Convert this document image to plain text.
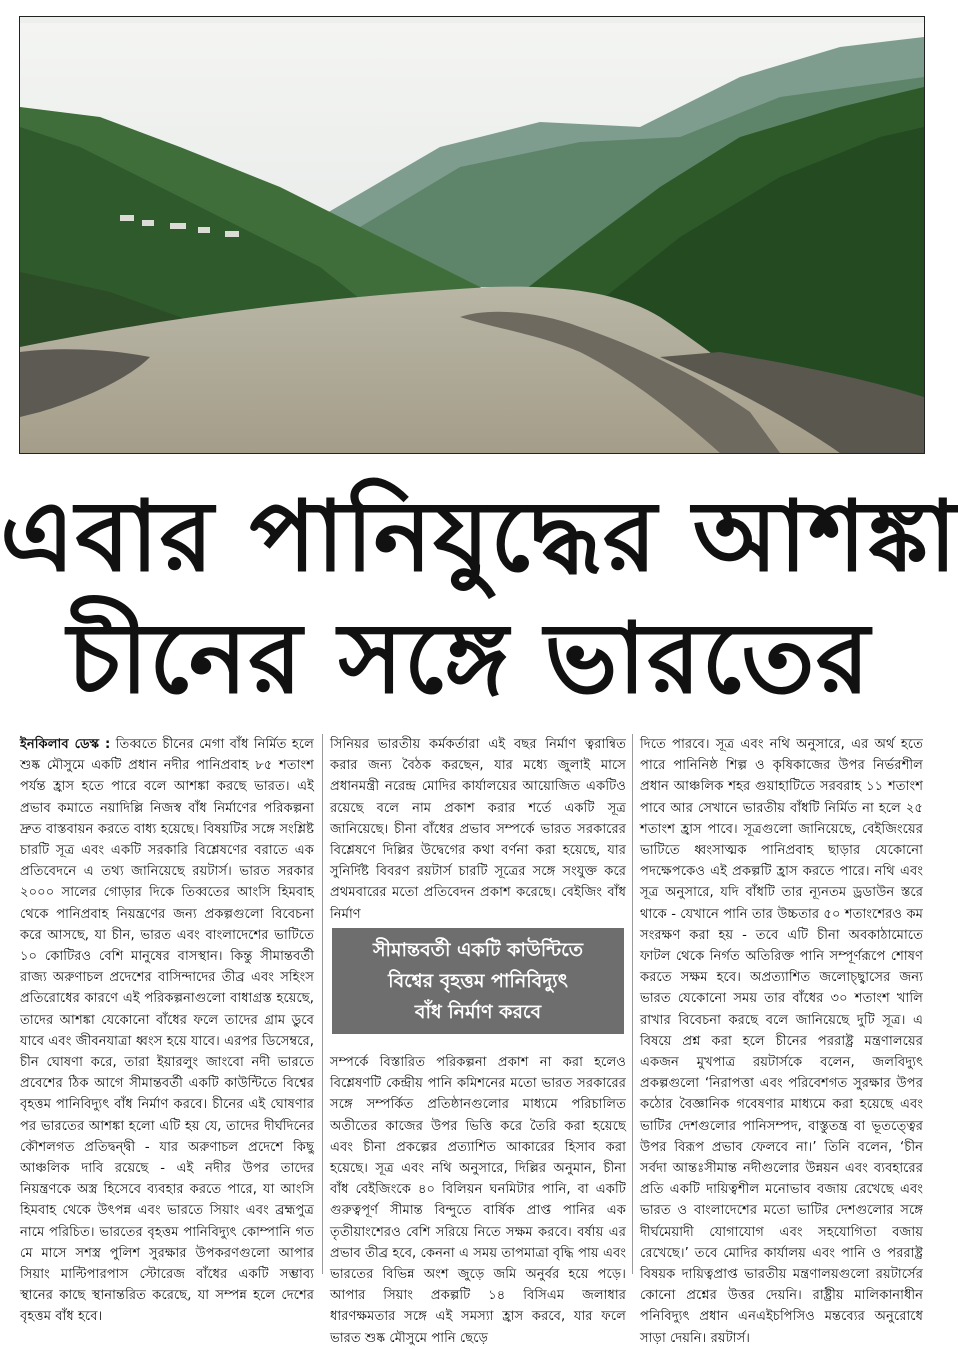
এবার পানিযুদ্ধের আশঙ্কা
চীনের সঙ্গে ভারতের

ইনকিলাব ডেস্ক : তিব্বতে চীনের মেগা বাঁধ নির্মিত হলে শুষ্ক মৌসুমে একটি প্রধান নদীর পানিপ্রবাহ ৮৫ শতাংশ পর্যন্ত হ্রাস হতে পারে বলে আশঙ্কা করছে ভারত। এই প্রভাব কমাতে নয়াদিল্লি নিজস্ব বাঁধ নির্মাণের পরিকল্পনা দ্রুত বাস্তবায়ন করতে বাধ্য হয়েছে। বিষয়টির সঙ্গে সংশ্লিষ্ট চারটি সূত্র এবং একটি সরকারি বিশ্লেষণের বরাতে এক প্রতিবেদনে এ তথ্য জানিয়েছে রয়টার্স। ভারত সরকার ২০০০ সালের গোড়ার দিকে তিব্বতের আংসি হিমবাহ থেকে পানিপ্রবাহ নিয়ন্ত্রণের জন্য প্রকল্পগুলো বিবেচনা করে আসছে, যা চীন, ভারত এবং বাংলাদেশের ভাটিতে ১০ কোটিরও বেশি মানুষের বাসস্থান। কিন্তু সীমান্তবর্তী রাজ্য অরুণাচল প্রদেশের বাসিন্দাদের তীব্র এবং সহিংস প্রতিরোধের কারণে এই পরিকল্পনাগুলো বাধাগ্রস্ত হয়েছে, তাদের আশঙ্কা যেকোনো বাঁধের ফলে তাদের গ্রাম ডুবে যাবে এবং জীবনযাত্রা ধ্বংস হয়ে যাবে। এরপর ডিসেম্বরে, চীন ঘোষণা করে, তারা ইয়ারলুং জাংবো নদী ভারতে প্রবেশের ঠিক আগে সীমান্তবর্তী একটি কাউন্টিতে বিশ্বের বৃহত্তম পানিবিদ্যুৎ বাঁধ নির্মাণ করবে। চীনের এই ঘোষণার পর ভারতের আশঙ্কা হলো এটি হয় যে, তাদের দীর্ঘদিনের কৌশলগত প্রতিদ্বন্দ্বী - যার অরুণাচল প্রদেশে কিছু আঞ্চলিক দাবি রয়েছে - এই নদীর উপর তাদের নিয়ন্ত্রণকে অস্ত্র হিসেবে ব্যবহার করতে পারে, যা আংসি হিমবাহ থেকে উৎপন্ন এবং ভারতে সিয়াং এবং ব্রহ্মপুত্র নামে পরিচিত। ভারতের বৃহত্তম পানিবিদ্যুৎ কোম্পানি গত মে মাসে সশস্ত্র পুলিশ সুরক্ষার উপকরণগুলো আপার সিয়াং মাল্টিপারপাস স্টোরেজ বাঁধের একটি সম্ভাব্য স্থানের কাছে স্থানান্তরিত করেছে, যা সম্পন্ন হলে দেশের বৃহত্তম বাঁধ হবে।

সিনিয়র ভারতীয় কর্মকর্তারা এই বছর নির্মাণ ত্বরান্বিত করার জন্য বৈঠক করছেন, যার মধ্যে জুলাই মাসে প্রধানমন্ত্রী নরেন্দ্র মোদির কার্যালয়ের আয়োজিত একটিও রয়েছে বলে নাম প্রকাশ করার শর্তে একটি সূত্র জানিয়েছে। চীনা বাঁধের প্রভাব সম্পর্কে ভারত সরকারের বিশ্লেষণে দিল্লির উদ্বেগের কথা বর্ণনা করা হয়েছে, যার সুনির্দিষ্ট বিবরণ রয়টার্স চারটি সূত্রের সঙ্গে সংযুক্ত করে প্রথমবারের মতো প্রতিবেদন প্রকাশ করেছে। বেইজিং বাঁধ নির্মাণ

সীমান্তবর্তী একটি কাউন্টিতে
বিশ্বের বৃহত্তম পানিবিদ্যুৎ
বাঁধ নির্মাণ করবে

সম্পর্কে বিস্তারিত পরিকল্পনা প্রকাশ না করা হলেও বিশ্লেষণটি কেন্দ্রীয় পানি কমিশনের মতো ভারত সরকারের সঙ্গে সম্পর্কিত প্রতিষ্ঠানগুলোর মাধ্যমে পরিচালিত অতীতের কাজের উপর ভিত্তি করে তৈরি করা হয়েছে এবং চীনা প্রকল্পের প্রত্যাশিত আকারের হিসাব করা হয়েছে। সূত্র এবং নথি অনুসারে, দিল্লির অনুমান, চীনা বাঁধ বেইজিংকে ৪০ বিলিয়ন ঘনমিটার পানি, বা একটি গুরুত্বপূর্ণ সীমান্ত বিন্দুতে বার্ষিক প্রাপ্ত পানির এক তৃতীয়াংশেরও বেশি সরিয়ে নিতে সক্ষম করবে। বর্ষায় এর প্রভাব তীব্র হবে, কেননা এ সময় তাপমাত্রা বৃদ্ধি পায় এবং ভারতের বিভিন্ন অংশ জুড়ে জমি অনুর্বর হয়ে পড়ে। আপার সিয়াং প্রকল্পটি ১৪ বিসিএম জলাধার ধারণক্ষমতার সঙ্গে এই সমস্যা হ্রাস করবে, যার ফলে ভারত শুষ্ক মৌসুমে পানি ছেড়ে

দিতে পারবে। সূত্র এবং নথি অনুসারে, এর অর্থ হতে পারে পানিনিষ্ঠ শিল্প ও কৃষিকাজের উপর নির্ভরশীল প্রধান আঞ্চলিক শহর গুয়াহাটিতে সরবরাহ ১১ শতাংশ পাবে আর সেখানে ভারতীয় বাঁধটি নির্মিত না হলে ২৫ শতাংশ হ্রাস পাবে। সূত্রগুলো জানিয়েছে, বেইজিংয়ের ভাটিতে ধ্বংসাত্মক পানিপ্রবাহ ছাড়ার যেকোনো পদক্ষেপকেও এই প্রকল্পটি হ্রাস করতে পারে। নথি এবং সূত্র অনুসারে, যদি বাঁধটি তার ন্যূনতম ড্রডাউন স্তরে থাকে - যেখানে পানি তার উচ্চতার ৫০ শতাংশেরও কম সংরক্ষণ করা হয় - তবে এটি চীনা অবকাঠামোতে ফাটল থেকে নির্গত অতিরিক্ত পানি সম্পূর্ণরূপে শোষণ করতে সক্ষম হবে। অপ্রত্যাশিত জলোচ্ছ্বাসের জন্য ভারত যেকোনো সময় তার বাঁধের ৩০ শতাংশ খালি রাখার বিবেচনা করছে বলে জানিয়েছে দুটি সূত্র। এ বিষয়ে প্রশ্ন করা হলে চীনের পররাষ্ট্র মন্ত্রণালয়ের একজন মুখপাত্র রয়টার্সকে বলেন, জলবিদ্যুৎ প্রকল্পগুলো ‘নিরাপত্তা এবং পরিবেশগত সুরক্ষার উপর কঠোর বৈজ্ঞানিক গবেষণার মাধ্যমে করা হয়েছে এবং ভাটির দেশগুলোর পানিসম্পদ, বাস্তুতন্ত্র বা ভূতত্ত্বের উপর বিরূপ প্রভাব ফেলবে না।’ তিনি বলেন, ‘চীন সর্বদা আন্তঃসীমান্ত নদীগুলোর উন্নয়ন এবং ব্যবহারের প্রতি একটি দায়িত্বশীল মনোভাব বজায় রেখেছে এবং ভারত ও বাংলাদেশের মতো ভাটির দেশগুলোর সঙ্গে দীর্ঘমেয়াদী যোগাযোগ এবং সহযোগিতা বজায় রেখেছে।’ তবে মোদির কার্যালয় এবং পানি ও পররাষ্ট্র বিষয়ক দায়িত্বপ্রাপ্ত ভারতীয় মন্ত্রণালয়গুলো রয়টার্সের কোনো প্রশ্নের উত্তর দেয়নি। রাষ্ট্রীয় মালিকানাধীন পনিবিদ্যুৎ প্রধান এনএইচপিসিও মন্তব্যের অনুরোধে সাড়া দেয়নি। রয়টার্স।
